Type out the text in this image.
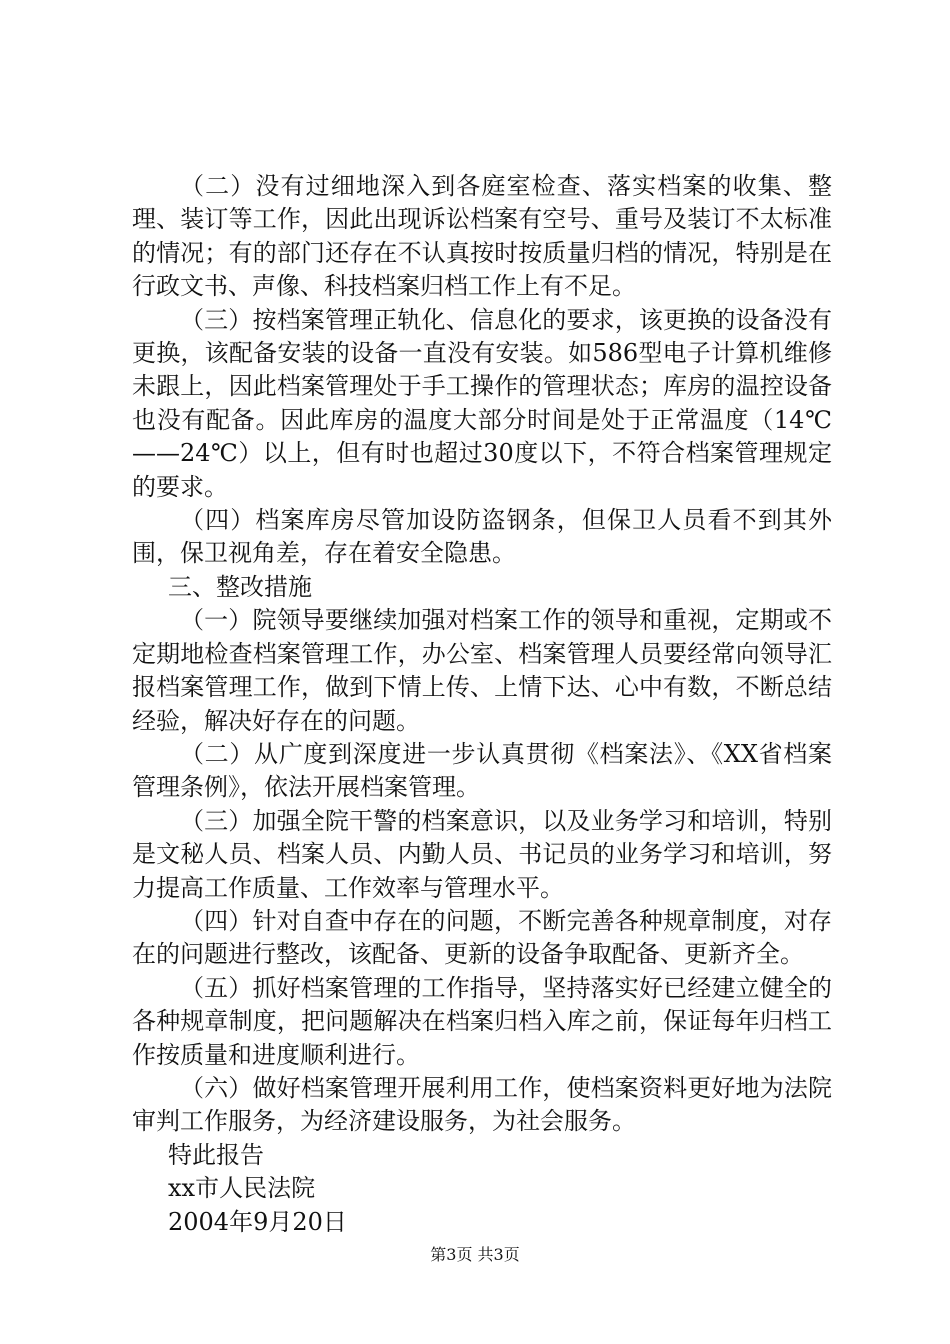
（二）没有过细地深入到各庭室检查、落实档案的收集、整理、装订等工作，因此出现诉讼档案有空号、重号及装订不太标准的情况；有的部门还存在不认真按时按质量归档的情况，特别是在行政文书、声像、科技档案归档工作上有不足。

（三）按档案管理正轨化、信息化的要求，该更换的设备没有更换，该配备安装的设备一直没有安装。如586型电子计算机维修未跟上，因此档案管理处于手工操作的管理状态；库房的温控设备也没有配备。因此库房的温度大部分时间是处于正常温度（14℃——24℃）以上，但有时也超过30度以下，不符合档案管理规定的要求。

（四）档案库房尽管加设防盗钢条，但保卫人员看不到其外围，保卫视角差，存在着安全隐患。

三、整改措施

（一）院领导要继续加强对档案工作的领导和重视，定期或不定期地检查档案管理工作，办公室、档案管理人员要经常向领导汇报档案管理工作，做到下情上传、上情下达、心中有数，不断总结经验，解决好存在的问题。

（二）从广度到深度进一步认真贯彻《档案法》、《XX省档案管理条例》，依法开展档案管理。

（三）加强全院干警的档案意识，以及业务学习和培训，特别是文秘人员、档案人员、内勤人员、书记员的业务学习和培训，努力提高工作质量、工作效率与管理水平。

（四）针对自查中存在的问题，不断完善各种规章制度，对存在的问题进行整改，该配备、更新的设备争取配备、更新齐全。

（五）抓好档案管理的工作指导，坚持落实好已经建立健全的各种规章制度，把问题解决在档案归档入库之前，保证每年归档工作按质量和进度顺利进行。

（六）做好档案管理开展利用工作，使档案资料更好地为法院审判工作服务，为经济建设服务，为社会服务。

特此报告

xx市人民法院

2004年9月20日

第3页 共3页
